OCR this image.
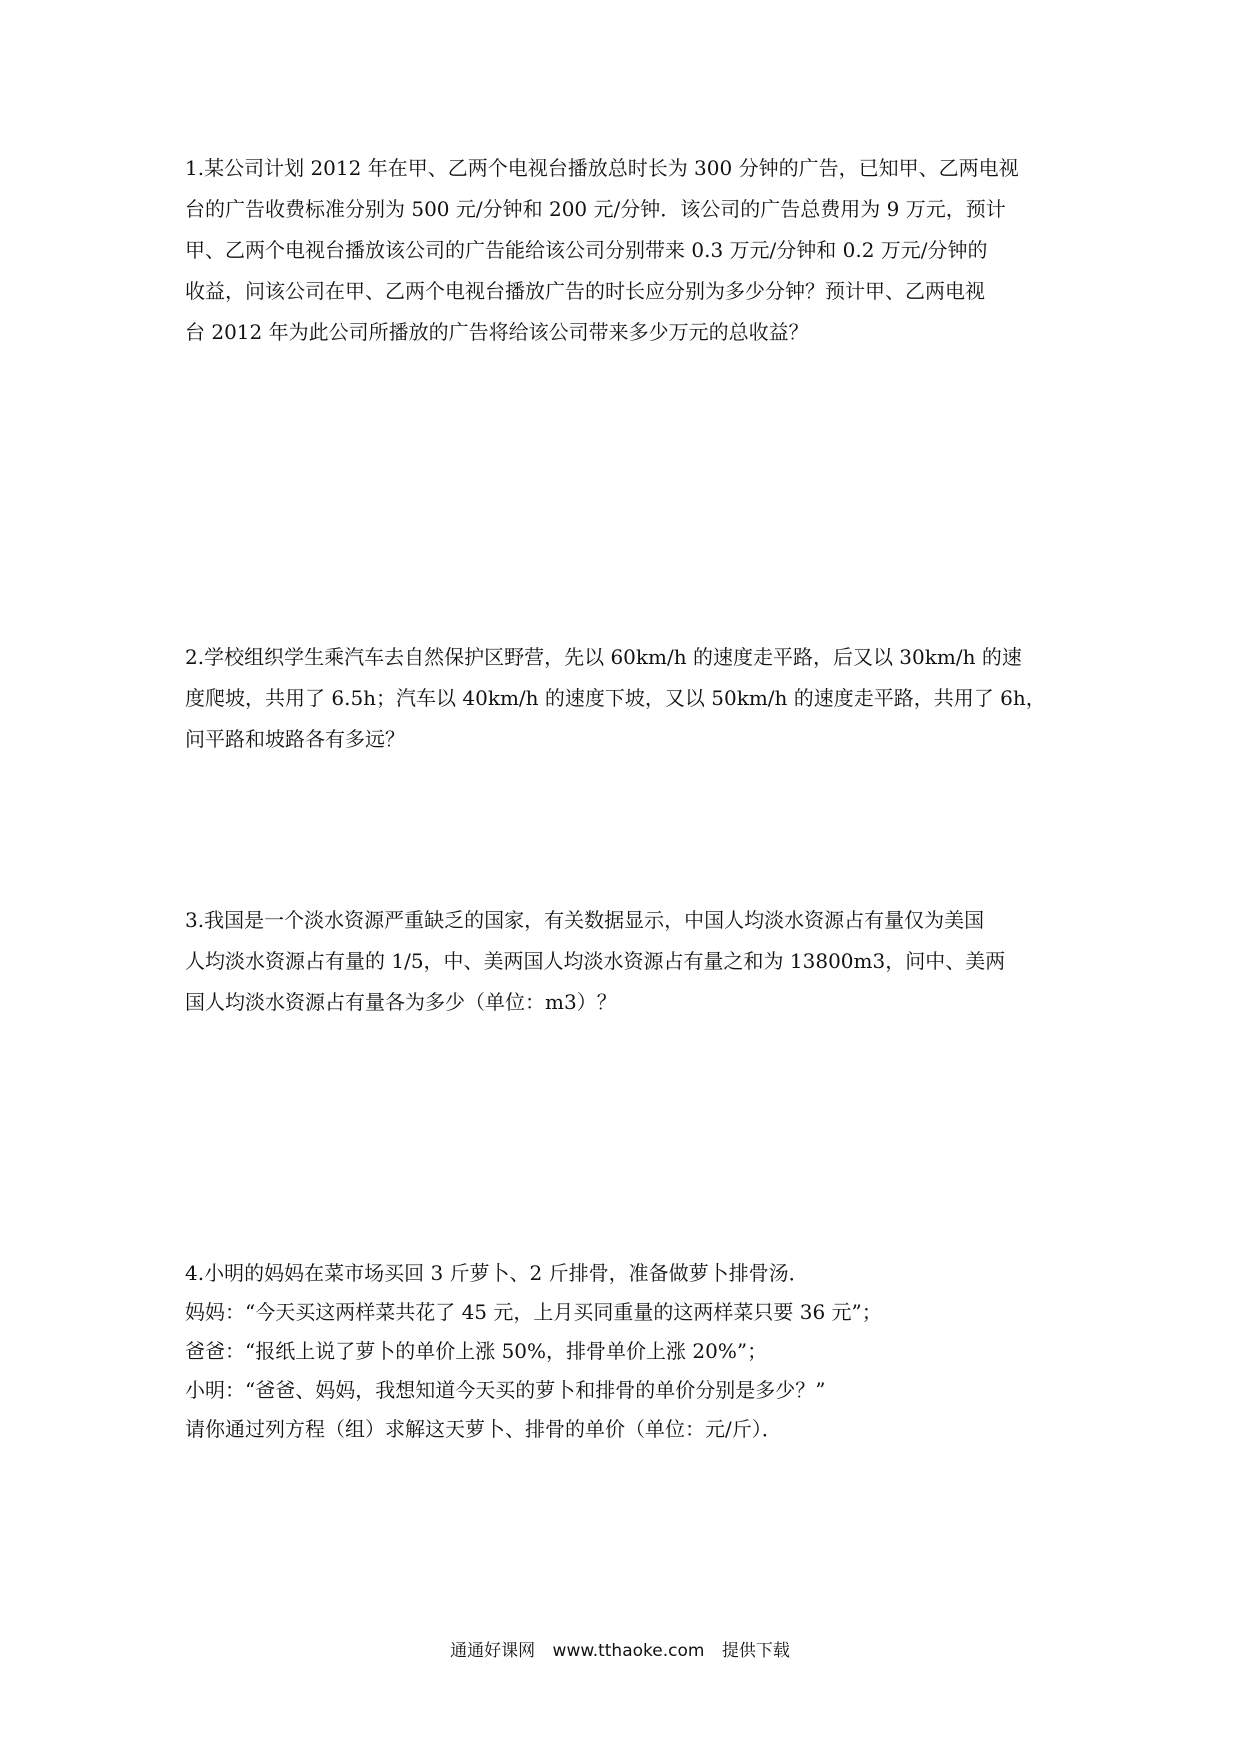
1.某公司计划 2012 年在甲、乙两个电视台播放总时长为 300 分钟的广告，已知甲、乙两电视
台的广告收费标准分别为 500 元/分钟和 200 元/分钟．该公司的广告总费用为 9 万元，预计
甲、乙两个电视台播放该公司的广告能给该公司分别带来 0.3 万元/分钟和 0.2 万元/分钟的
收益，问该公司在甲、乙两个电视台播放广告的时长应分别为多少分钟？预计甲、乙两电视
台 2012 年为此公司所播放的广告将给该公司带来多少万元的总收益？
2.学校组织学生乘汽车去自然保护区野营，先以 60km/h 的速度走平路，后又以 30km/h 的速
度爬坡，共用了 6.5h；汽车以 40km/h 的速度下坡，又以 50km/h 的速度走平路，共用了 6h，
问平路和坡路各有多远？
3.我国是一个淡水资源严重缺乏的国家，有关数据显示，中国人均淡水资源占有量仅为美国
人均淡水资源占有量的 1/5，中、美两国人均淡水资源占有量之和为 13800m3，问中、美两
国人均淡水资源占有量各为多少（单位：m3）？
4.小明的妈妈在菜市场买回 3 斤萝卜、2 斤排骨，准备做萝卜排骨汤．
妈妈：“今天买这两样菜共花了 45 元，上月买同重量的这两样菜只要 36 元”；
爸爸：“报纸上说了萝卜的单价上涨 50%，排骨单价上涨 20%”；
小明：“爸爸、妈妈，我想知道今天买的萝卜和排骨的单价分别是多少？”
请你通过列方程（组）求解这天萝卜、排骨的单价（单位：元/斤）．
通通好课网 www.tthaoke.com 提供下载
